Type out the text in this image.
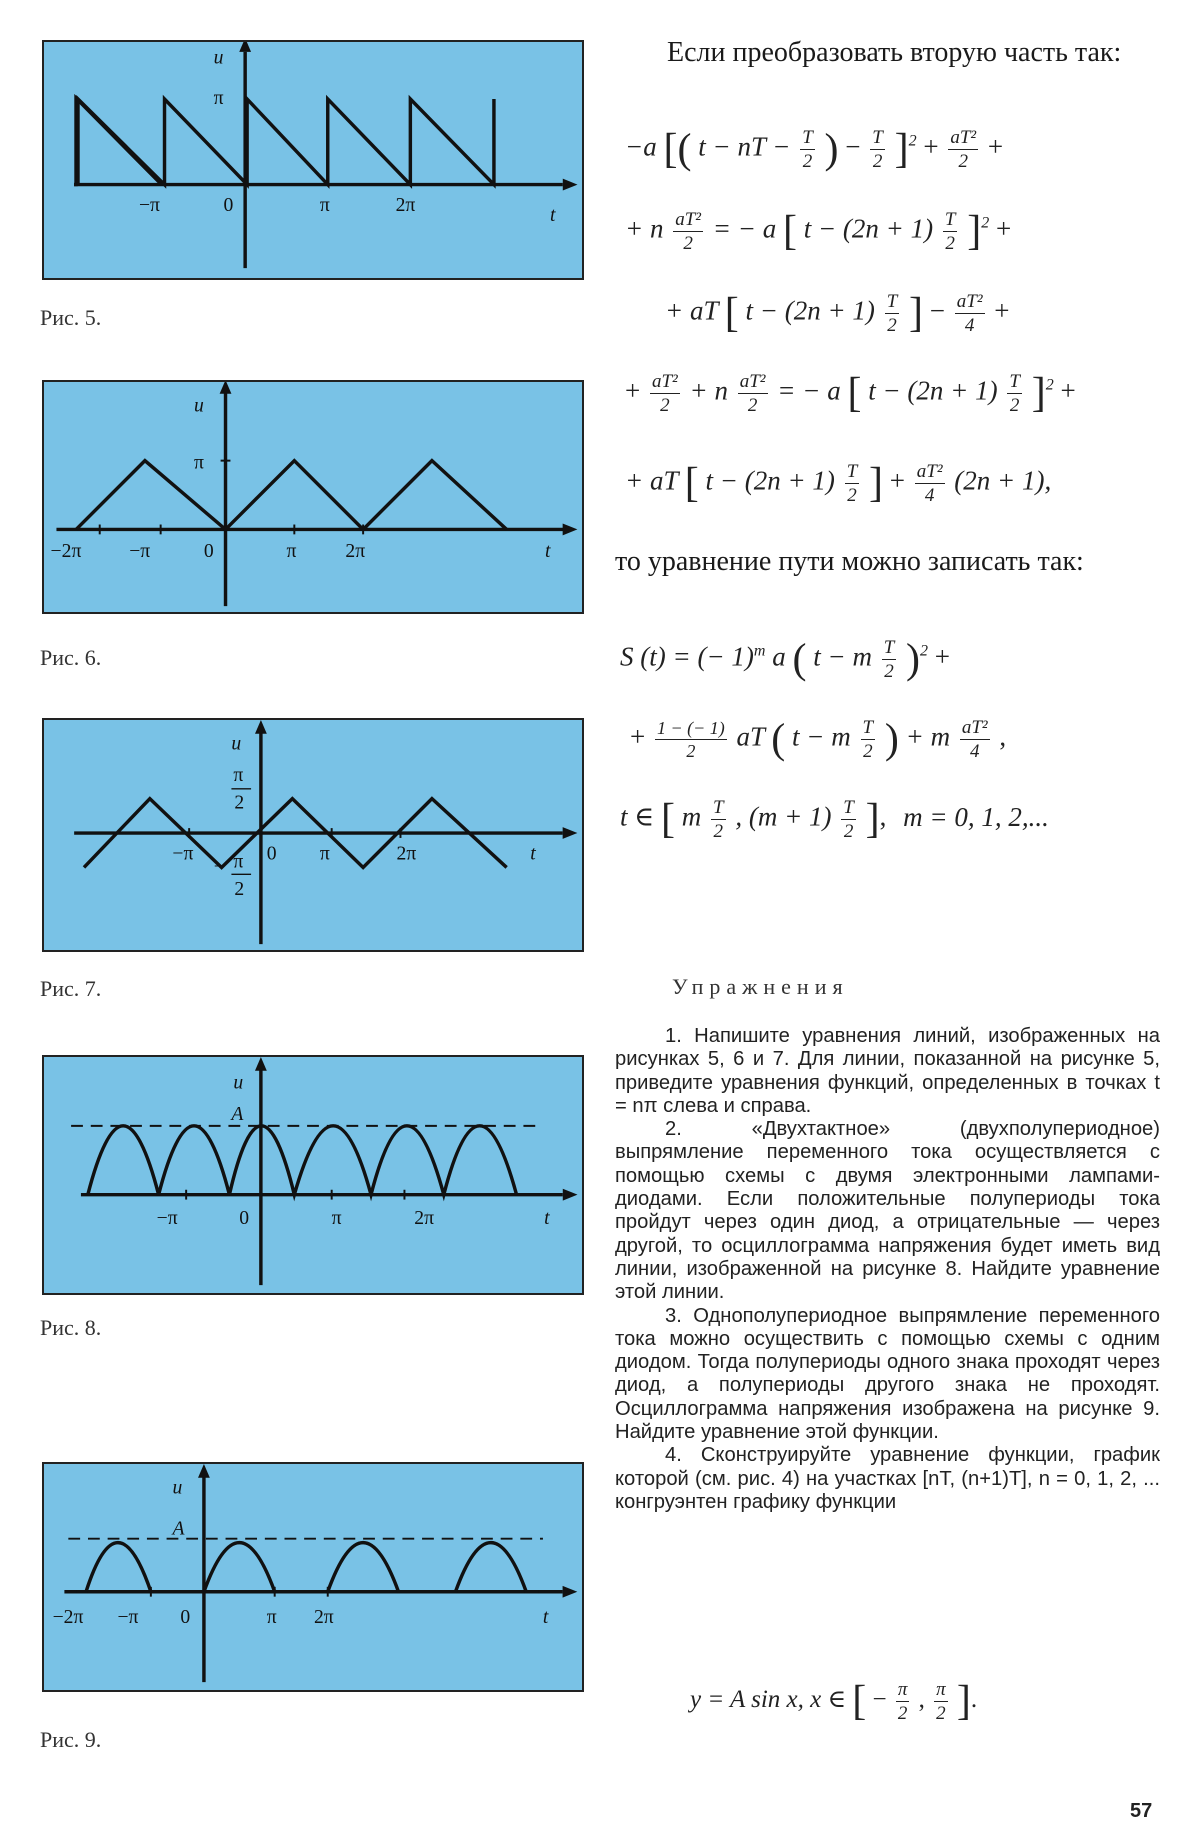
u
π
−π	0	π	2π	t
Рис. 5.
u
π
−2π −π	0	π 2π	t
Рис. 6.
u
π
2
− π
2
−π	0 π	2π	t
Рис. 7.
u
A
−π	0	π	2π	t
Рис. 8.
u
A
−2π −π 0	π 2π	t
Рис. 9.
Если преобразовать вторую часть так:
−a [( t − nT − $\frac{T}{2}$ ) − $\frac{T}{2} ]^2 + \frac{\text{aT²}}{2}$ +
+ n $\frac{\text{aT²}}{2}$ = − a [ $t - (2n + 1) \frac{T}{2} ]^2$ +
+ aT [ $t - (2n + 1) \frac{T}{2}$ ] − $\frac{\text{aT²}}{4}$ +
+ $\frac{\text{aT²}}{2} + n \frac{\text{aT²}}{2}$ = − a [ $t - (2n + 1) \frac{T}{2} ]^2$ +
+ aT [ $t - (2n + 1) \frac{T}{2}$ ] + $\frac{\text{aT²}}{4} (2n + 1)$,
то уравнение пути можно записать так:
S (t) = (− 1)$^m$ a ( t − m $\frac{T}{2} )^2$ +
+ $\frac{1 - (- 1)}{2}$ aT ( t − m $\frac{T}{2}$ ) + m $\frac{\text{aT²}}{4}$ ,
t ∈ [ m $\frac{T}{2}$ , $(m + 1) \frac{T}{2}$ ], m = 0, 1, 2,...
Упражнения

1. Напишите уравнения линий, изображенных на рисунках 5, 6 и 7. Для линии, показанной на рисунке 5, приведите уравнения функций, определенных в точках t = nπ слева и справа.

2. «Двухтактное» (двухполупериодное) выпрямление переменного тока осуществляется с помощью схемы с двумя электронными лампами-диодами. Если положительные полупериоды тока пройдут через один диод, а отрицательные — через другой, то осциллограмма напряжения будет иметь вид линии, изображенной на рисунке 8. Найдите уравнение этой линии.

3. Однополупериодное выпрямление переменного тока можно осуществить с помощью схемы с одним диодом. Тогда полупериоды одного знака проходят через диод, а полупериоды другого знака не проходят. Осциллограмма напряжения изображена на рисунке 9. Найдите уравнение этой функции.

4. Сконструируйте уравнение функции, график которой (см. рис. 4) на участках [nT, (n+1)T], n = 0, 1, 2, ... конгруэнтен графику функции

y = A sin x, x ∈ [ − $\frac{\pi}{2}$ , $\frac{\pi}{2}$ ].
57
